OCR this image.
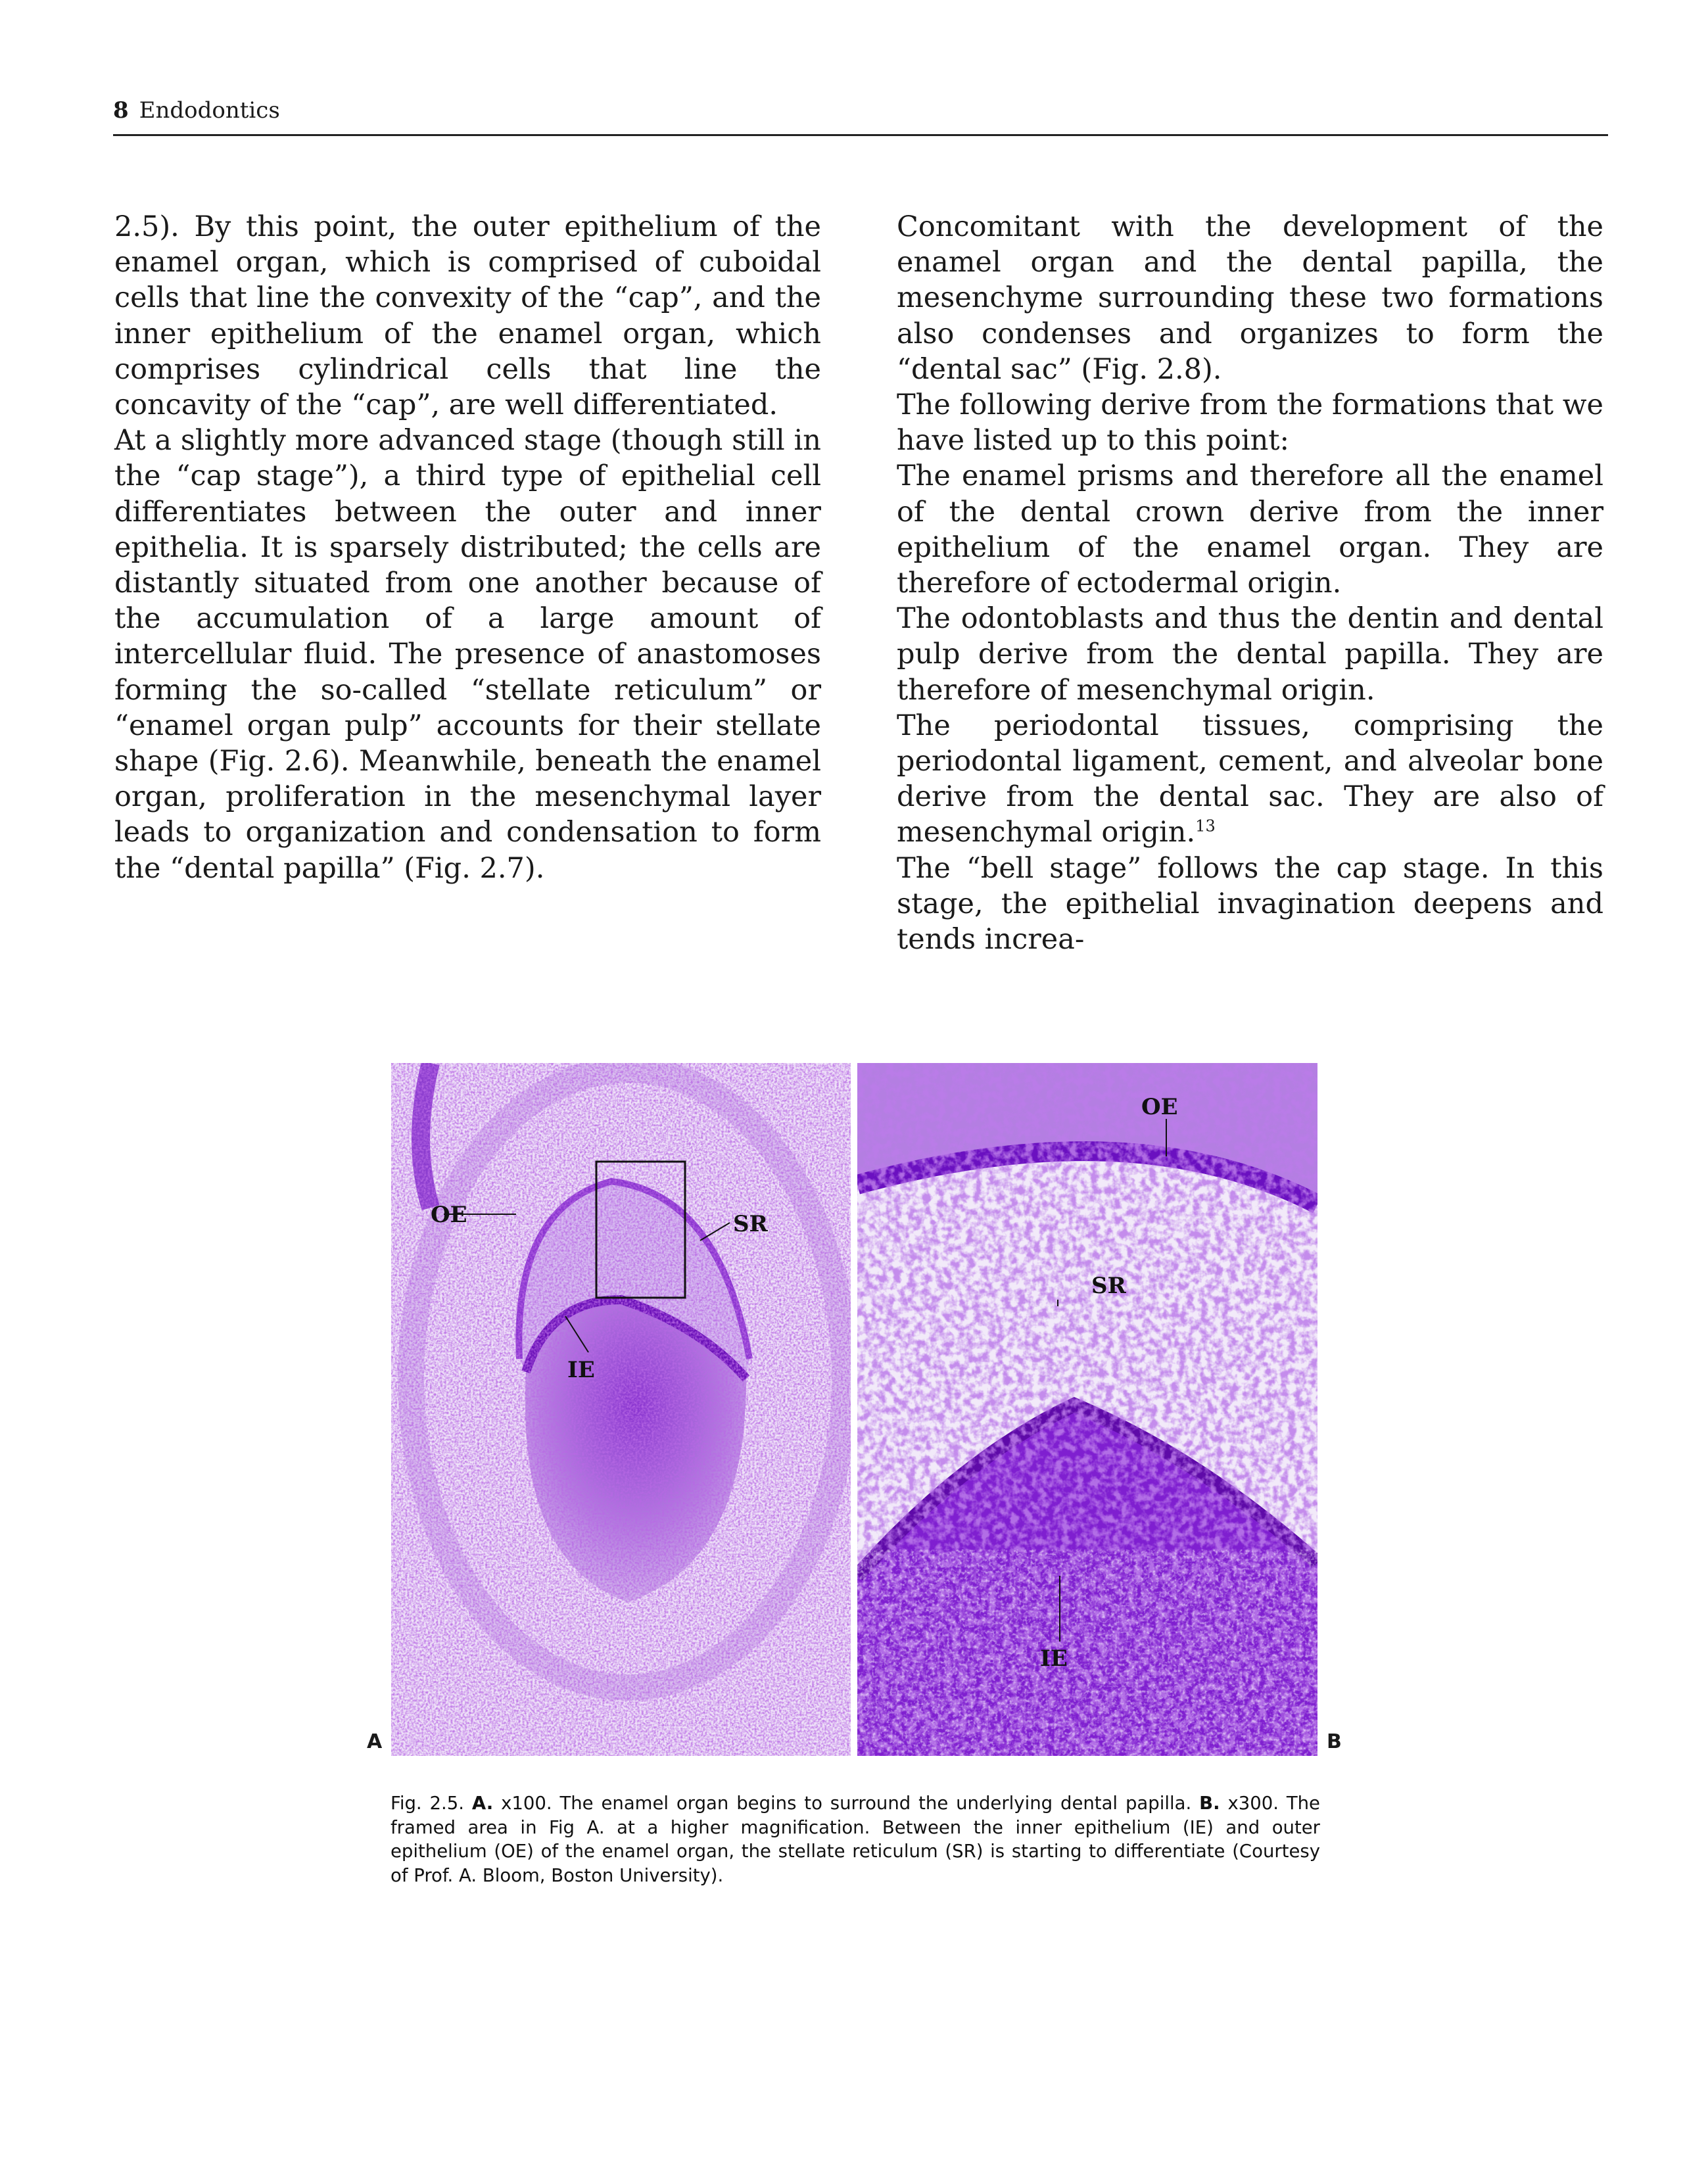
8 Endodontics

2.5). By this point, the outer epithelium of the enamel organ, which is comprised of cuboidal cells that line the convexity of the “cap”, and the inner epithelium of the enamel organ, which comprises cylindrical cells that line the concavity of the “cap”, are well differentiated.

At a slightly more advanced stage (though still in the “cap stage”), a third type of epithelial cell differentiates between the outer and inner epithelia. It is sparsely distributed; the cells are distantly situated from one another because of the accumulation of a large amount of intercellular fluid. The presence of anastomoses forming the so-called “stellate reticulum” or “enamel organ pulp” accounts for their stellate shape (Fig. 2.6). Meanwhile, beneath the enamel organ, proliferation in the mesenchymal layer leads to organization and condensation to form the “dental papilla” (Fig. 2.7).

Concomitant with the development of the enamel organ and the dental papilla, the mesenchyme surrounding these two formations also condenses and organizes to form the “dental sac” (Fig. 2.8).

The following derive from the formations that we have listed up to this point:

The enamel prisms and therefore all the enamel of the dental crown derive from the inner epithelium of the enamel organ. They are therefore of ectodermal origin.

The odontoblasts and thus the dentin and dental pulp derive from the dental papilla. They are therefore of mesenchymal origin.

The periodontal tissues, comprising the periodontal ligament, cement, and alveolar bone derive from the dental sac. They are also of mesenchymal origin.$^{13}$

The “bell stage” follows the cap stage. In this stage, the epithelial invagination deepens and tends increa-

OE	SR
IE
OE
SR
IE
A	B
Fig. 2.5. A. x100. The enamel organ begins to surround the underlying dental papilla. B. x300. The framed area in Fig A. at a higher magnification. Between the inner epithelium (IE) and outer epithelium (OE) of the enamel organ, the stellate reticulum (SR) is starting to differentiate (Courtesy of Prof. A. Bloom, Boston University).
